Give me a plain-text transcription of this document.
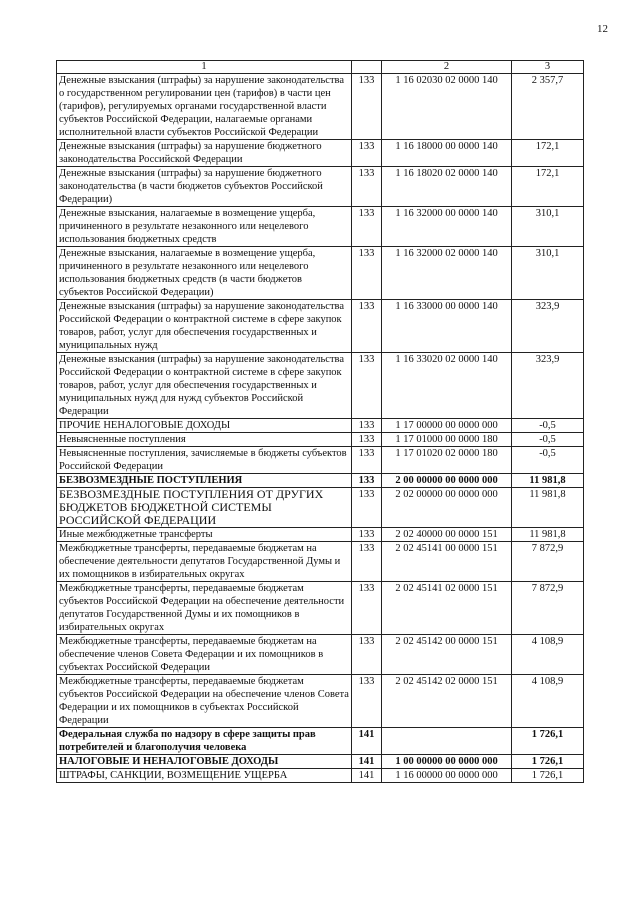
12
1		2	3
Денежные взыскания (штрафы) за нарушение законодательства о государственном регулировании цен (тарифов) в части цен (тарифов), регулируемых органами государственной власти субъектов Российской Федерации, налагаемые органами исполнительной власти субъектов Российской Федерации	133	1 16 02030 02 0000 140	2 357,7
Денежные взыскания (штрафы) за нарушение бюджетного законодательства Российской Федерации	133	1 16 18000 00 0000 140	172,1
Денежные взыскания (штрафы) за нарушение бюджетного законодательства (в части бюджетов субъектов Российской Федерации)	133	1 16 18020 02 0000 140	172,1
Денежные взыскания, налагаемые в возмещение ущерба, причиненного в результате незаконного или нецелевого использования бюджетных средств	133	1 16 32000 00 0000 140	310,1
Денежные взыскания, налагаемые в возмещение ущерба, причиненного в результате незаконного или нецелевого использования бюджетных средств (в части бюджетов субъектов Российской Федерации)	133	1 16 32000 02 0000 140	310,1
Денежные взыскания (штрафы) за нарушение законодательства Российской Федерации о контрактной системе в сфере закупок товаров, работ, услуг для обеспечения государственных и муниципальных нужд	133	1 16 33000 00 0000 140	323,9
Денежные взыскания (штрафы) за нарушение законодательства Российской Федерации о контрактной системе в сфере закупок товаров, работ, услуг для обеспечения государственных и муниципальных нужд для нужд субъектов Российской Федерации	133	1 16 33020 02 0000 140	323,9
ПРОЧИЕ НЕНАЛОГОВЫЕ ДОХОДЫ	133	1 17 00000 00 0000 000	-0,5
Невыясненные поступления	133	1 17 01000 00 0000 180	-0,5
Невыясненные поступления, зачисляемые в бюджеты субъектов Российской Федерации	133	1 17 01020 02 0000 180	-0,5
БЕЗВОЗМЕЗДНЫЕ ПОСТУПЛЕНИЯ	133	2 00 00000 00 0000 000	11 981,8
БЕЗВОЗМЕЗДНЫЕ ПОСТУПЛЕНИЯ ОТ ДРУГИХ БЮДЖЕТОВ БЮДЖЕТНОЙ СИСТЕМЫ РОССИЙСКОЙ ФЕДЕРАЦИИ	133	2 02 00000 00 0000 000	11 981,8
Иные межбюджетные трансферты	133	2 02 40000 00 0000 151	11 981,8
Межбюджетные трансферты, передаваемые бюджетам на обеспечение деятельности депутатов Государственной Думы и их помощников в избирательных округах	133	2 02 45141 00 0000 151	7 872,9
Межбюджетные трансферты, передаваемые бюджетам субъектов Российской Федерации на обеспечение деятельности депутатов Государственной Думы и их помощников в избирательных округах	133	2 02 45141 02 0000 151	7 872,9
Межбюджетные трансферты, передаваемые бюджетам на обеспечение членов Совета Федерации и их помощников в субъектах Российской Федерации	133	2 02 45142 00 0000 151	4 108,9
Межбюджетные трансферты, передаваемые бюджетам субъектов Российской Федерации на обеспечение членов Совета Федерации и их помощников в субъектах Российской Федерации	133	2 02 45142 02 0000 151	4 108,9
Федеральная служба по надзору в сфере защиты прав потребителей и благополучия человека	141		1 726,1
НАЛОГОВЫЕ И НЕНАЛОГОВЫЕ ДОХОДЫ	141	1 00 00000 00 0000 000	1 726,1
ШТРАФЫ, САНКЦИИ, ВОЗМЕЩЕНИЕ УЩЕРБА	141	1 16 00000 00 0000 000	1 726,1
